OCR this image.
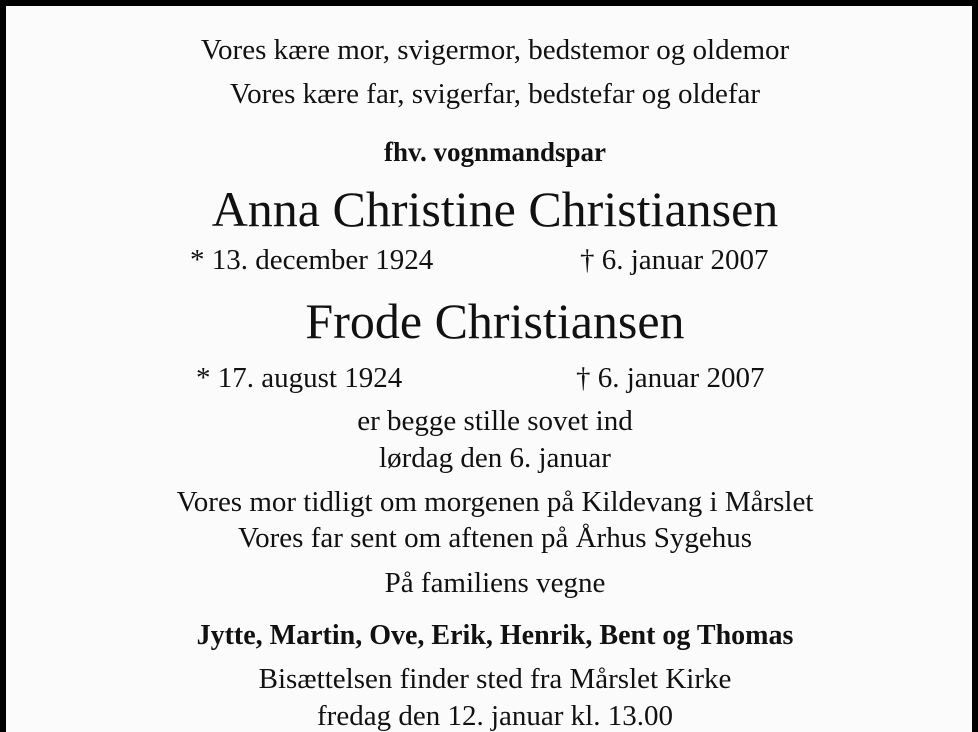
Vores kære mor, svigermor, bedstemor og oldemor
Vores kære far, svigerfar, bedstefar og oldefar
fhv. vognmandspar
Anna Christine Christiansen
* 13. december 1924	† 6. januar 2007
Frode Christiansen
* 17. august 1924	† 6. januar 2007
er begge stille sovet ind
lørdag den 6. januar
Vores mor tidligt om morgenen på Kildevang i Mårslet
Vores far sent om aftenen på Århus Sygehus
På familiens vegne
Jytte, Martin, Ove, Erik, Henrik, Bent og Thomas
Bisættelsen finder sted fra Mårslet Kirke
fredag den 12. januar kl. 13.00
